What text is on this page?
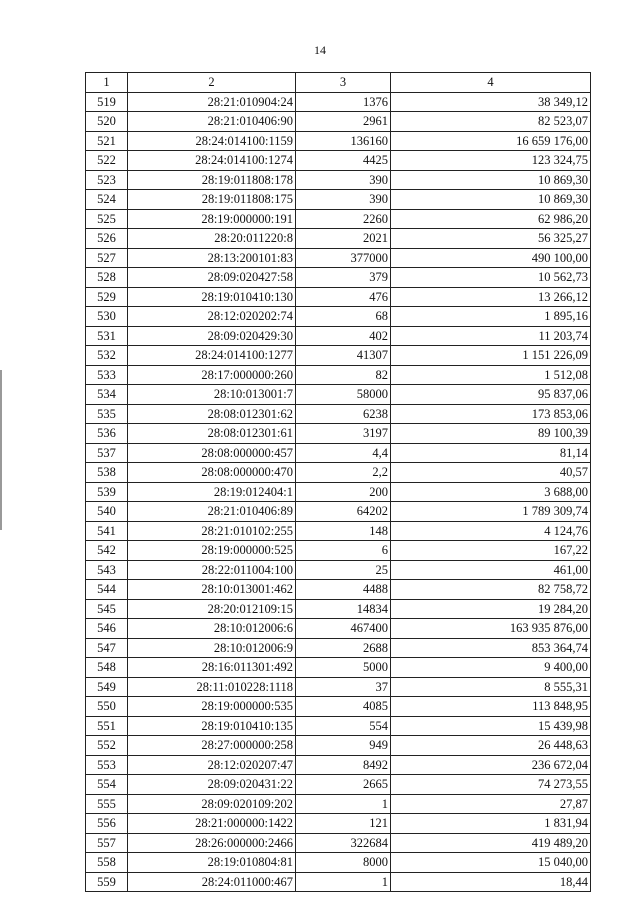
14
1	2	3	4
519	28:21:010904:24	1376	38 349,12
520	28:21:010406:90	2961	82 523,07
521	28:24:014100:1159	136160	16 659 176,00
522	28:24:014100:1274	4425	123 324,75
523	28:19:011808:178	390	10 869,30
524	28:19:011808:175	390	10 869,30
525	28:19:000000:191	2260	62 986,20
526	28:20:011220:8	2021	56 325,27
527	28:13:200101:83	377000	490 100,00
528	28:09:020427:58	379	10 562,73
529	28:19:010410:130	476	13 266,12
530	28:12:020202:74	68	1 895,16
531	28:09:020429:30	402	11 203,74
532	28:24:014100:1277	41307	1 151 226,09
533	28:17:000000:260	82	1 512,08
534	28:10:013001:7	58000	95 837,06
535	28:08:012301:62	6238	173 853,06
536	28:08:012301:61	3197	89 100,39
537	28:08:000000:457	4,4	81,14
538	28:08:000000:470	2,2	40,57
539	28:19:012404:1	200	3 688,00
540	28:21:010406:89	64202	1 789 309,74
541	28:21:010102:255	148	4 124,76
542	28:19:000000:525	6	167,22
543	28:22:011004:100	25	461,00
544	28:10:013001:462	4488	82 758,72
545	28:20:012109:15	14834	19 284,20
546	28:10:012006:6	467400	163 935 876,00
547	28:10:012006:9	2688	853 364,74
548	28:16:011301:492	5000	9 400,00
549	28:11:010228:1118	37	8 555,31
550	28:19:000000:535	4085	113 848,95
551	28:19:010410:135	554	15 439,98
552	28:27:000000:258	949	26 448,63
553	28:12:020207:47	8492	236 672,04
554	28:09:020431:22	2665	74 273,55
555	28:09:020109:202	1	27,87
556	28:21:000000:1422	121	1 831,94
557	28:26:000000:2466	322684	419 489,20
558	28:19:010804:81	8000	15 040,00
559	28:24:011000:467	1	18,44
